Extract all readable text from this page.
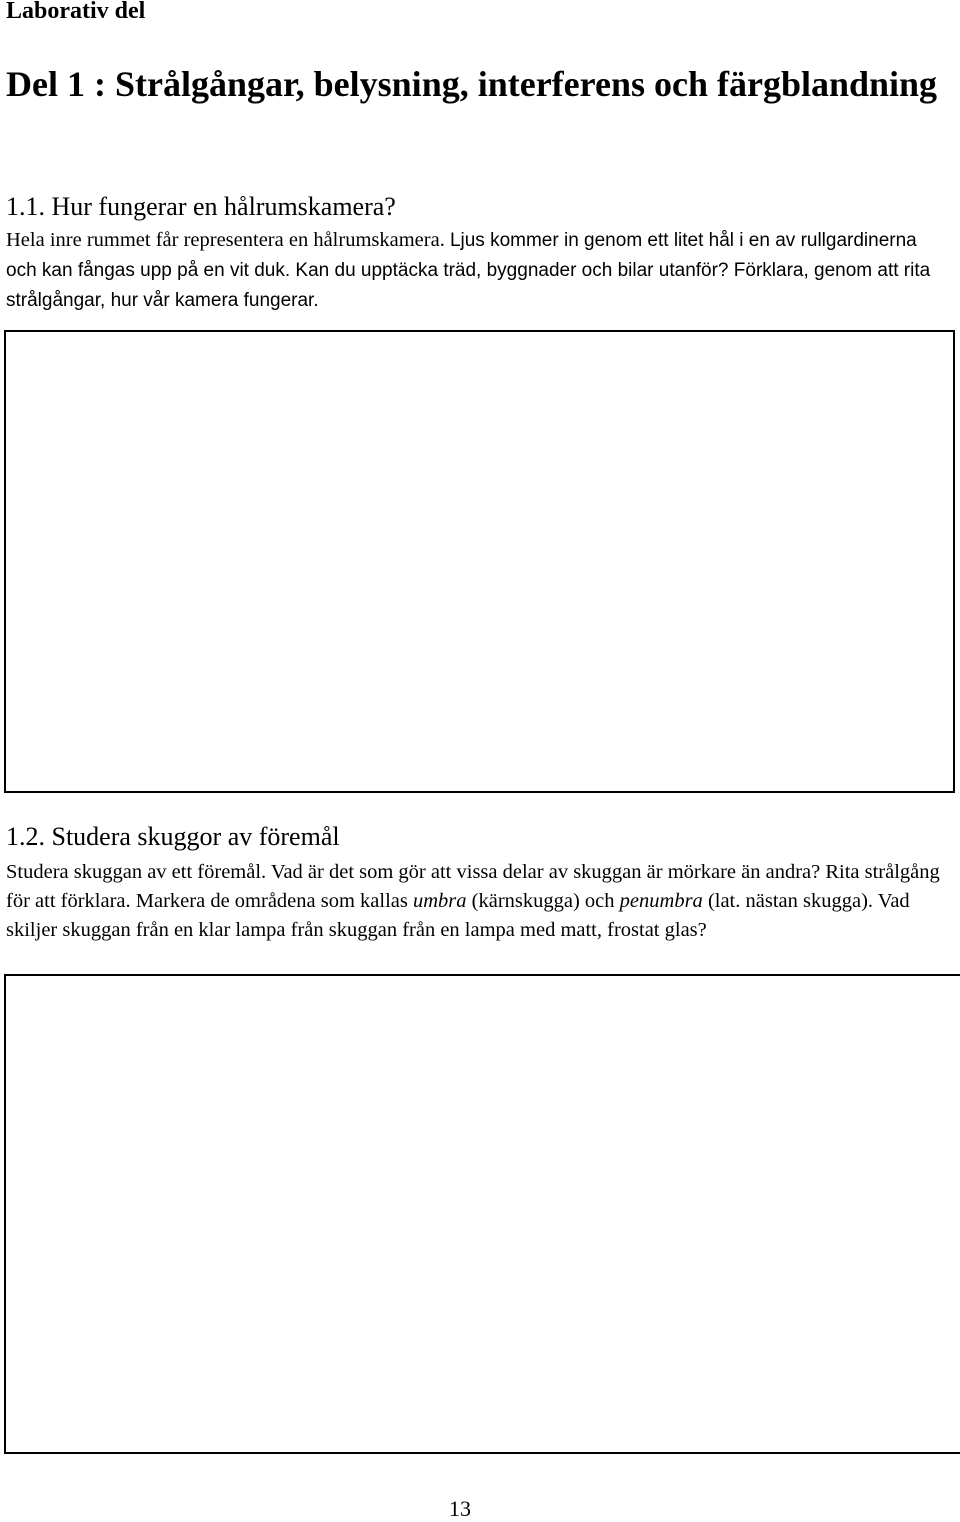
Laborativ del
Del 1 : Strålgångar, belysning, interferens och färgblandning
1.1. Hur fungerar en hålrumskamera?

Hela inre rummet får representera en hålrumskamera. Ljus kommer in genom ett litet hål i en av rullgardinerna och kan fångas upp på en vit duk. Kan du upptäcka träd, byggnader och bilar utanför? Förklara, genom att rita strålgångar, hur vår kamera fungerar.

1.2. Studera skuggor av föremål

Studera skuggan av ett föremål. Vad är det som gör att vissa delar av skuggan är mörkare än andra? Rita strålgång för att förklara. Markera de områdena som kallas umbra (kärnskugga) och penumbra (lat. nästan skugga). Vad skiljer skuggan från en klar lampa från skuggan från en lampa med matt, frostat glas?

13
